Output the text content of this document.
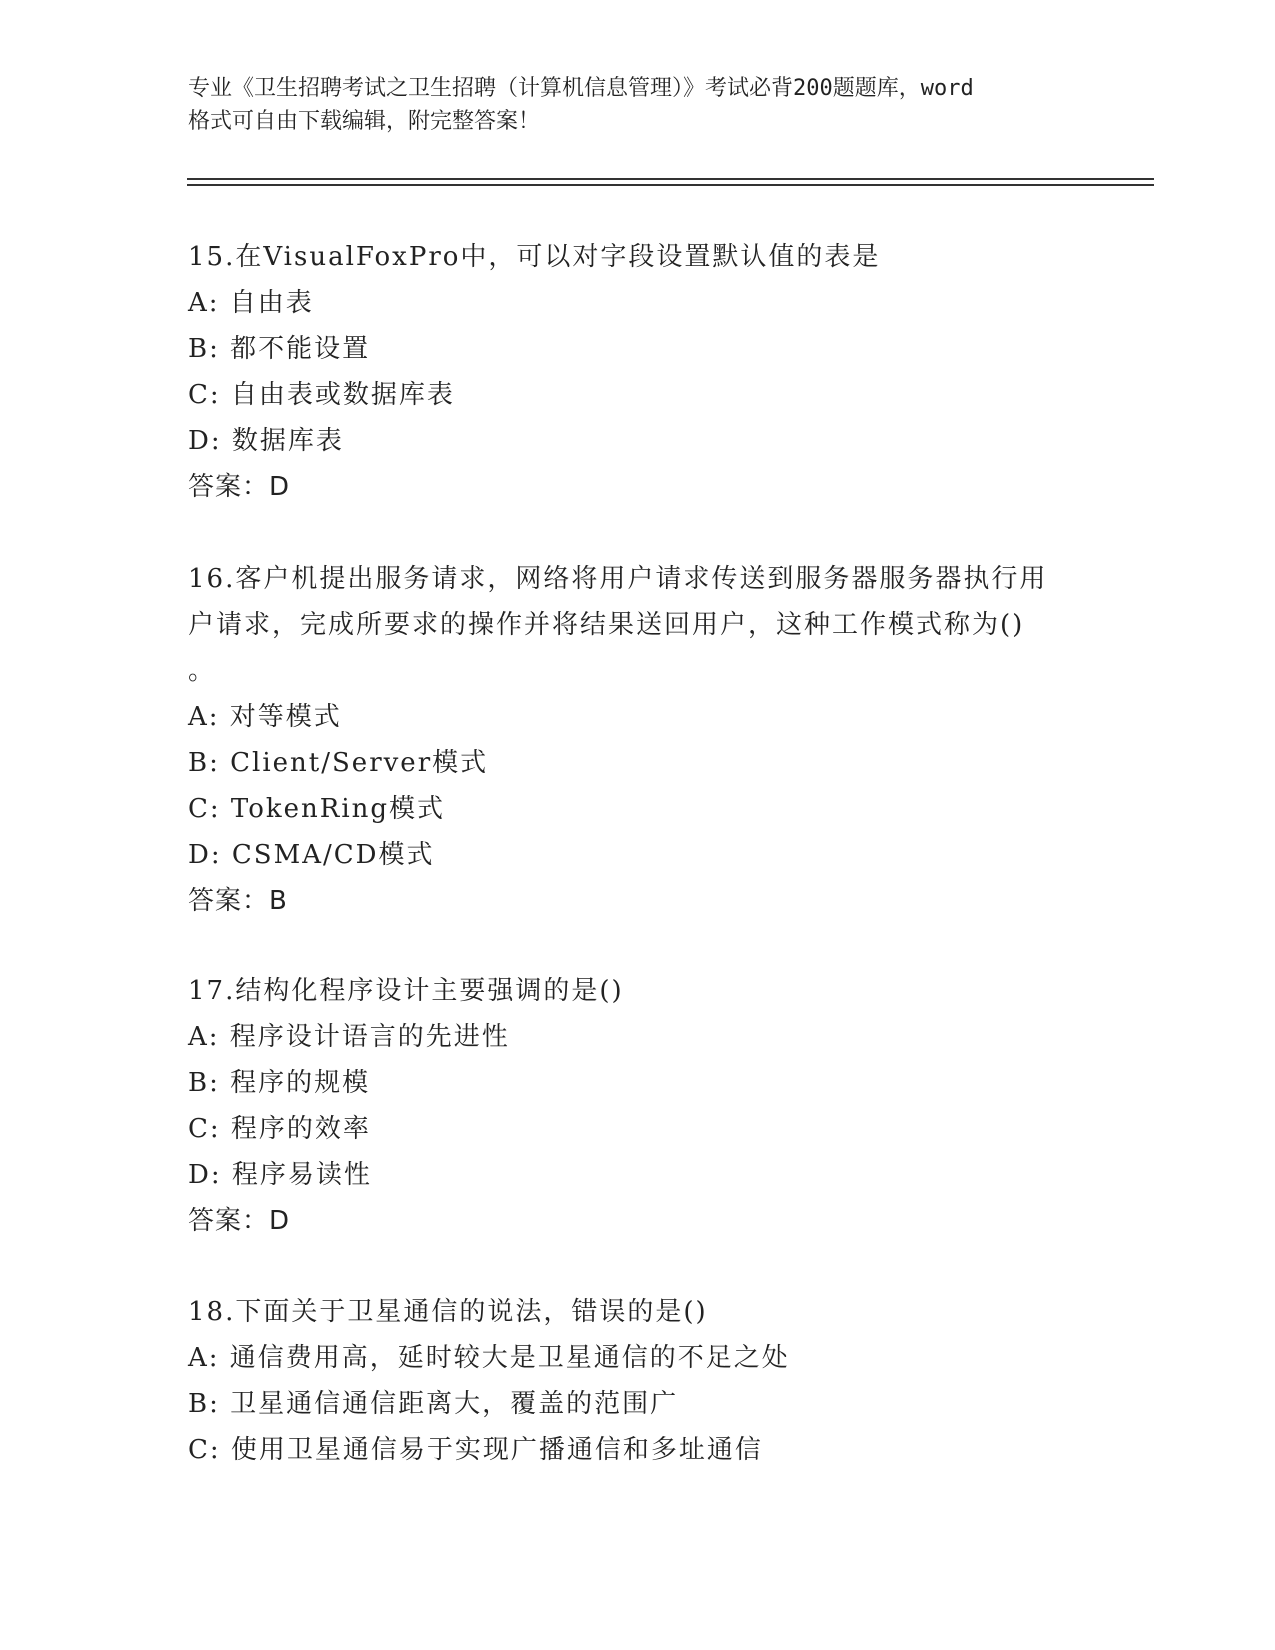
专业《卫生招聘考试之卫生招聘（计算机信息管理）》考试必背200题题库，word
格式可自由下载编辑，附完整答案！
15.在VisualFoxPro中，可以对字段设置默认值的表是
A: 自由表
B: 都不能设置
C: 自由表或数据库表
D: 数据库表
答案：D
16.客户机提出服务请求，网络将用户请求传送到服务器服务器执行用
户请求，完成所要求的操作并将结果送回用户，这种工作模式称为()
。
A: 对等模式
B: Client/Server模式
C: TokenRing模式
D: CSMA/CD模式
答案：B
17.结构化程序设计主要强调的是()
A: 程序设计语言的先进性
B: 程序的规模
C: 程序的效率
D: 程序易读性
答案：D
18.下面关于卫星通信的说法，错误的是()
A: 通信费用高，延时较大是卫星通信的不足之处
B: 卫星通信通信距离大，覆盖的范围广
C: 使用卫星通信易于实现广播通信和多址通信
